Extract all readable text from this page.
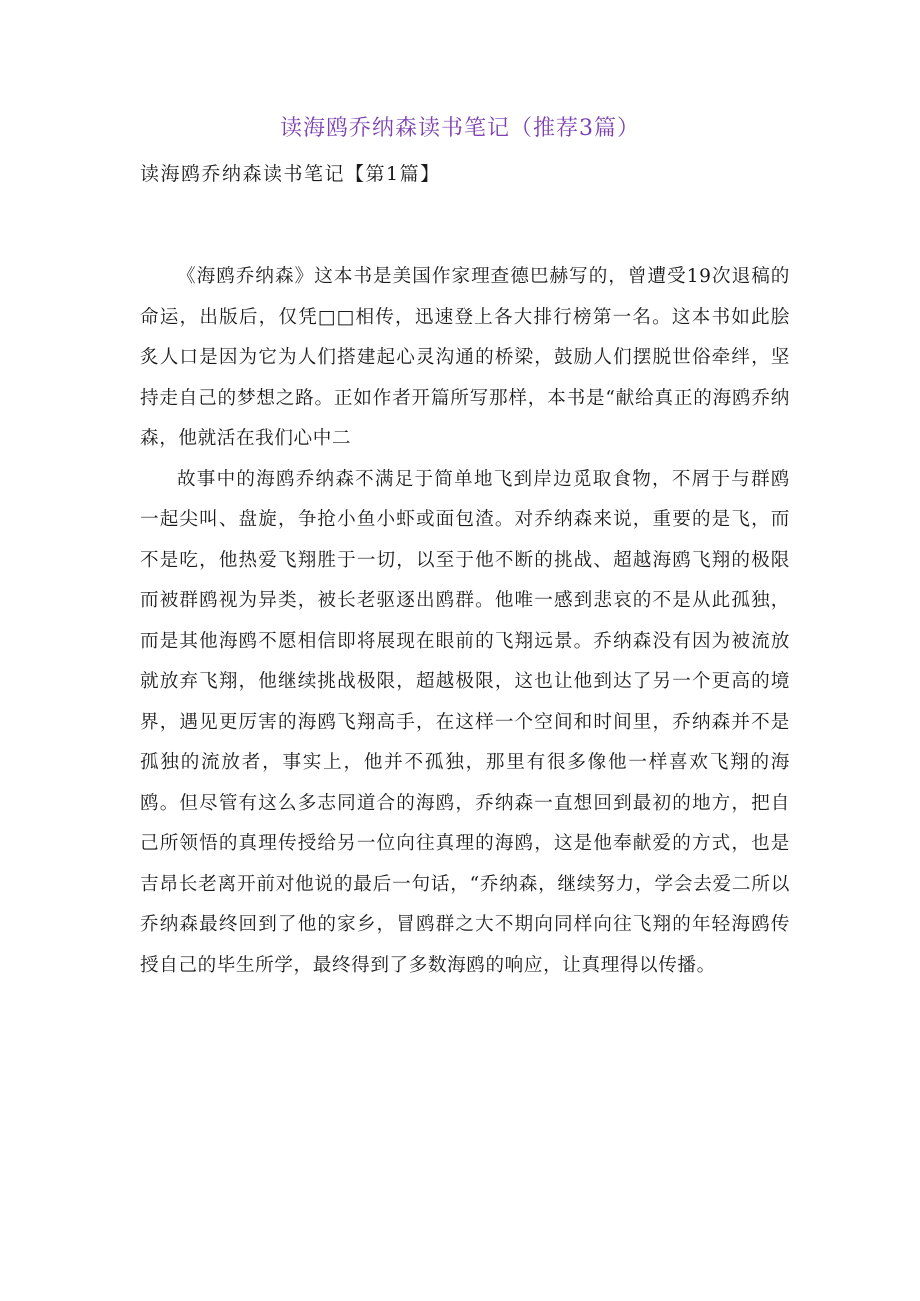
读海鸥乔纳森读书笔记（推荐3篇）
读海鸥乔纳森读书笔记【第1篇】

《海鸥乔纳森》这本书是美国作家理查德巴赫写的，曾遭受19次退稿的命运，出版后，仅凭□□相传，迅速登上各大排行榜第一名。这本书如此脍炙人口是因为它为人们搭建起心灵沟通的桥梁，鼓励人们摆脱世俗牵绊，坚持走自己的梦想之路。正如作者开篇所写那样，本书是“献给真正的海鸥乔纳森，他就活在我们心中二

故事中的海鸥乔纳森不满足于简单地飞到岸边觅取食物，不屑于与群鸥一起尖叫、盘旋，争抢小鱼小虾或面包渣。对乔纳森来说，重要的是飞，而不是吃，他热爱飞翔胜于一切，以至于他不断的挑战、超越海鸥飞翔的极限而被群鸥视为异类，被长老驱逐出鸥群。他唯一感到悲哀的不是从此孤独，而是其他海鸥不愿相信即将展现在眼前的飞翔远景。乔纳森没有因为被流放就放弃飞翔，他继续挑战极限，超越极限，这也让他到达了另一个更高的境界，遇见更厉害的海鸥飞翔高手，在这样一个空间和时间里，乔纳森并不是孤独的流放者，事实上，他并不孤独，那里有很多像他一样喜欢飞翔的海鸥。但尽管有这么多志同道合的海鸥，乔纳森一直想回到最初的地方，把自己所领悟的真理传授给另一位向往真理的海鸥，这是他奉献爱的方式，也是吉昂长老离开前对他说的最后一句话，“乔纳森，继续努力，学会去爱二所以乔纳森最终回到了他的家乡，冒鸥群之大不期向同样向往飞翔的年轻海鸥传授自己的毕生所学，最终得到了多数海鸥的响应，让真理得以传播。
